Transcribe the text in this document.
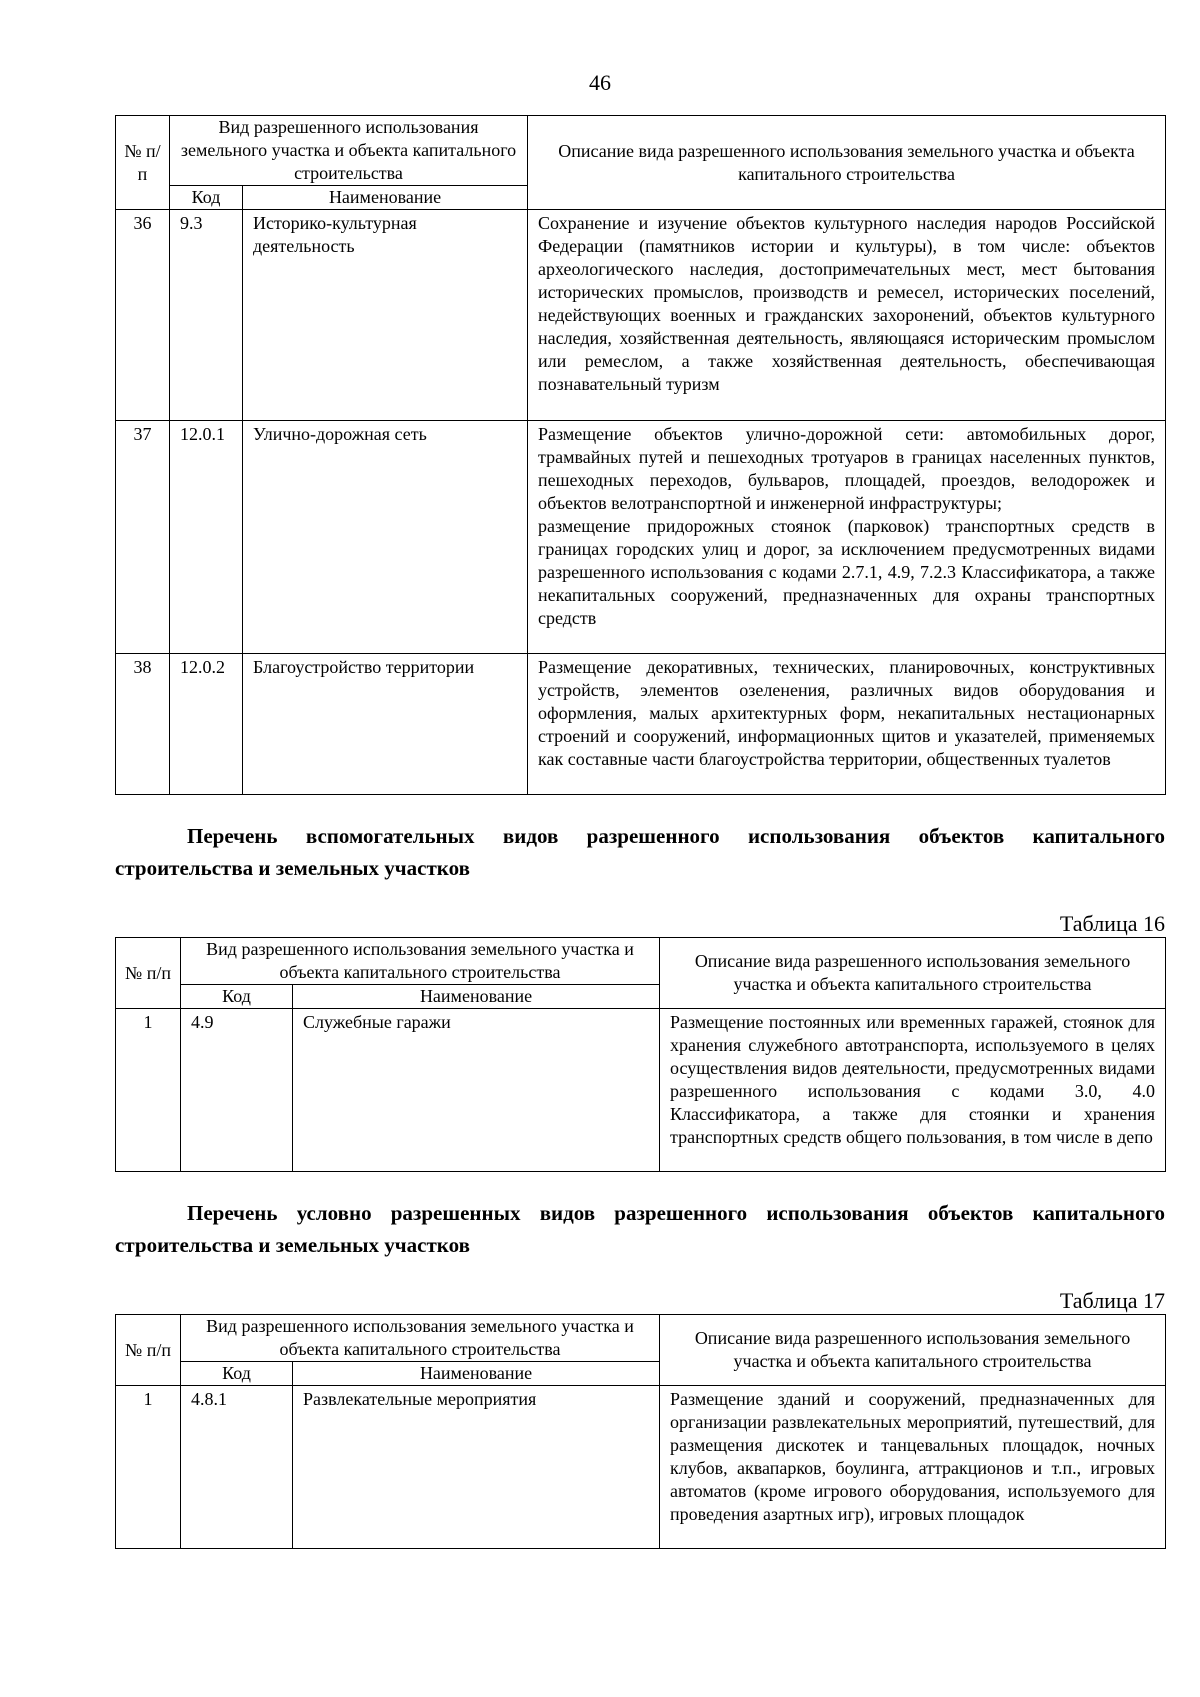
46
№ п/п	Вид разрешенного использования земельного участка и объекта капитального строительства		Описание вида разрешенного использования земельного участка и объекта капитального строительства
	Код	Наименование	
36	9.3	Историко-культурная деятельность	Сохранение и изучение объектов культурного наследия народов Российской Федерации (памятников истории и культуры), в том числе: объектов археологического наследия, достопримечательных мест, мест бытования исторических промыслов, производств и ремесел, исторических поселений, недействующих военных и гражданских захоронений, объектов культурного наследия, хозяйственная деятельность, являющаяся историческим промыслом или ремеслом, а также хозяйственная деятельность, обеспечивающая познавательный туризм
37	12.0.1	Улично-дорожная сеть	Размещение объектов улично-дорожной сети: автомобильных дорог, трамвайных путей и пешеходных тротуаров в границах населенных пунктов, пешеходных переходов, бульваров, площадей, проездов, велодорожек и объектов велотранспортной и инженерной инфраструктуры;
размещение придорожных стоянок (парковок) транспортных средств в границах городских улиц и дорог, за исключением предусмотренных видами разрешенного использования с кодами 2.7.1, 4.9, 7.2.3 Классификатора, а также некапитальных сооружений, предназначенных для охраны транспортных средств

38	12.0.2	Благоустройство территории	Размещение декоративных, технических, планировочных, конструктивных устройств, элементов озеленения, различных видов оборудования и оформления, малых архитектурных форм, некапитальных нестационарных строений и сооружений, информационных щитов и указателей, применяемых как составные части благоустройства территории, общественных туалетов
Перечень вспомогательных видов разрешенного использования объектов капитального строительства и земельных участков
Таблица 16
№ п/п	Вид разрешенного использования земельного участка и объекта капитального строительства		Описание вида разрешенного использования земельного участка и объекта капитального строительства
	Код	Наименование	
1	4.9	Служебные гаражи	Размещение постоянных или временных гаражей, стоянок для хранения служебного автотранспорта, используемого в целях осуществления видов деятельности, предусмотренных видами разрешенного использования с кодами 3.0, 4.0 Классификатора, а также для стоянки и хранения транспортных средств общего пользования, в том числе в депо
Перечень условно разрешенных видов разрешенного использования объектов капитального строительства и земельных участков
Таблица 17
№ п/п	Вид разрешенного использования земельного участка и объекта капитального строительства		Описание вида разрешенного использования земельного участка и объекта капитального строительства
	Код	Наименование	
1	4.8.1	Развлекательные мероприятия	Размещение зданий и сооружений, предназначенных для организации развлекательных мероприятий, путешествий, для размещения дискотек и танцевальных площадок, ночных клубов, аквапарков, боулинга, аттракционов и т.п., игровых автоматов (кроме игрового оборудования, используемого для проведения азартных игр), игровых площадок
